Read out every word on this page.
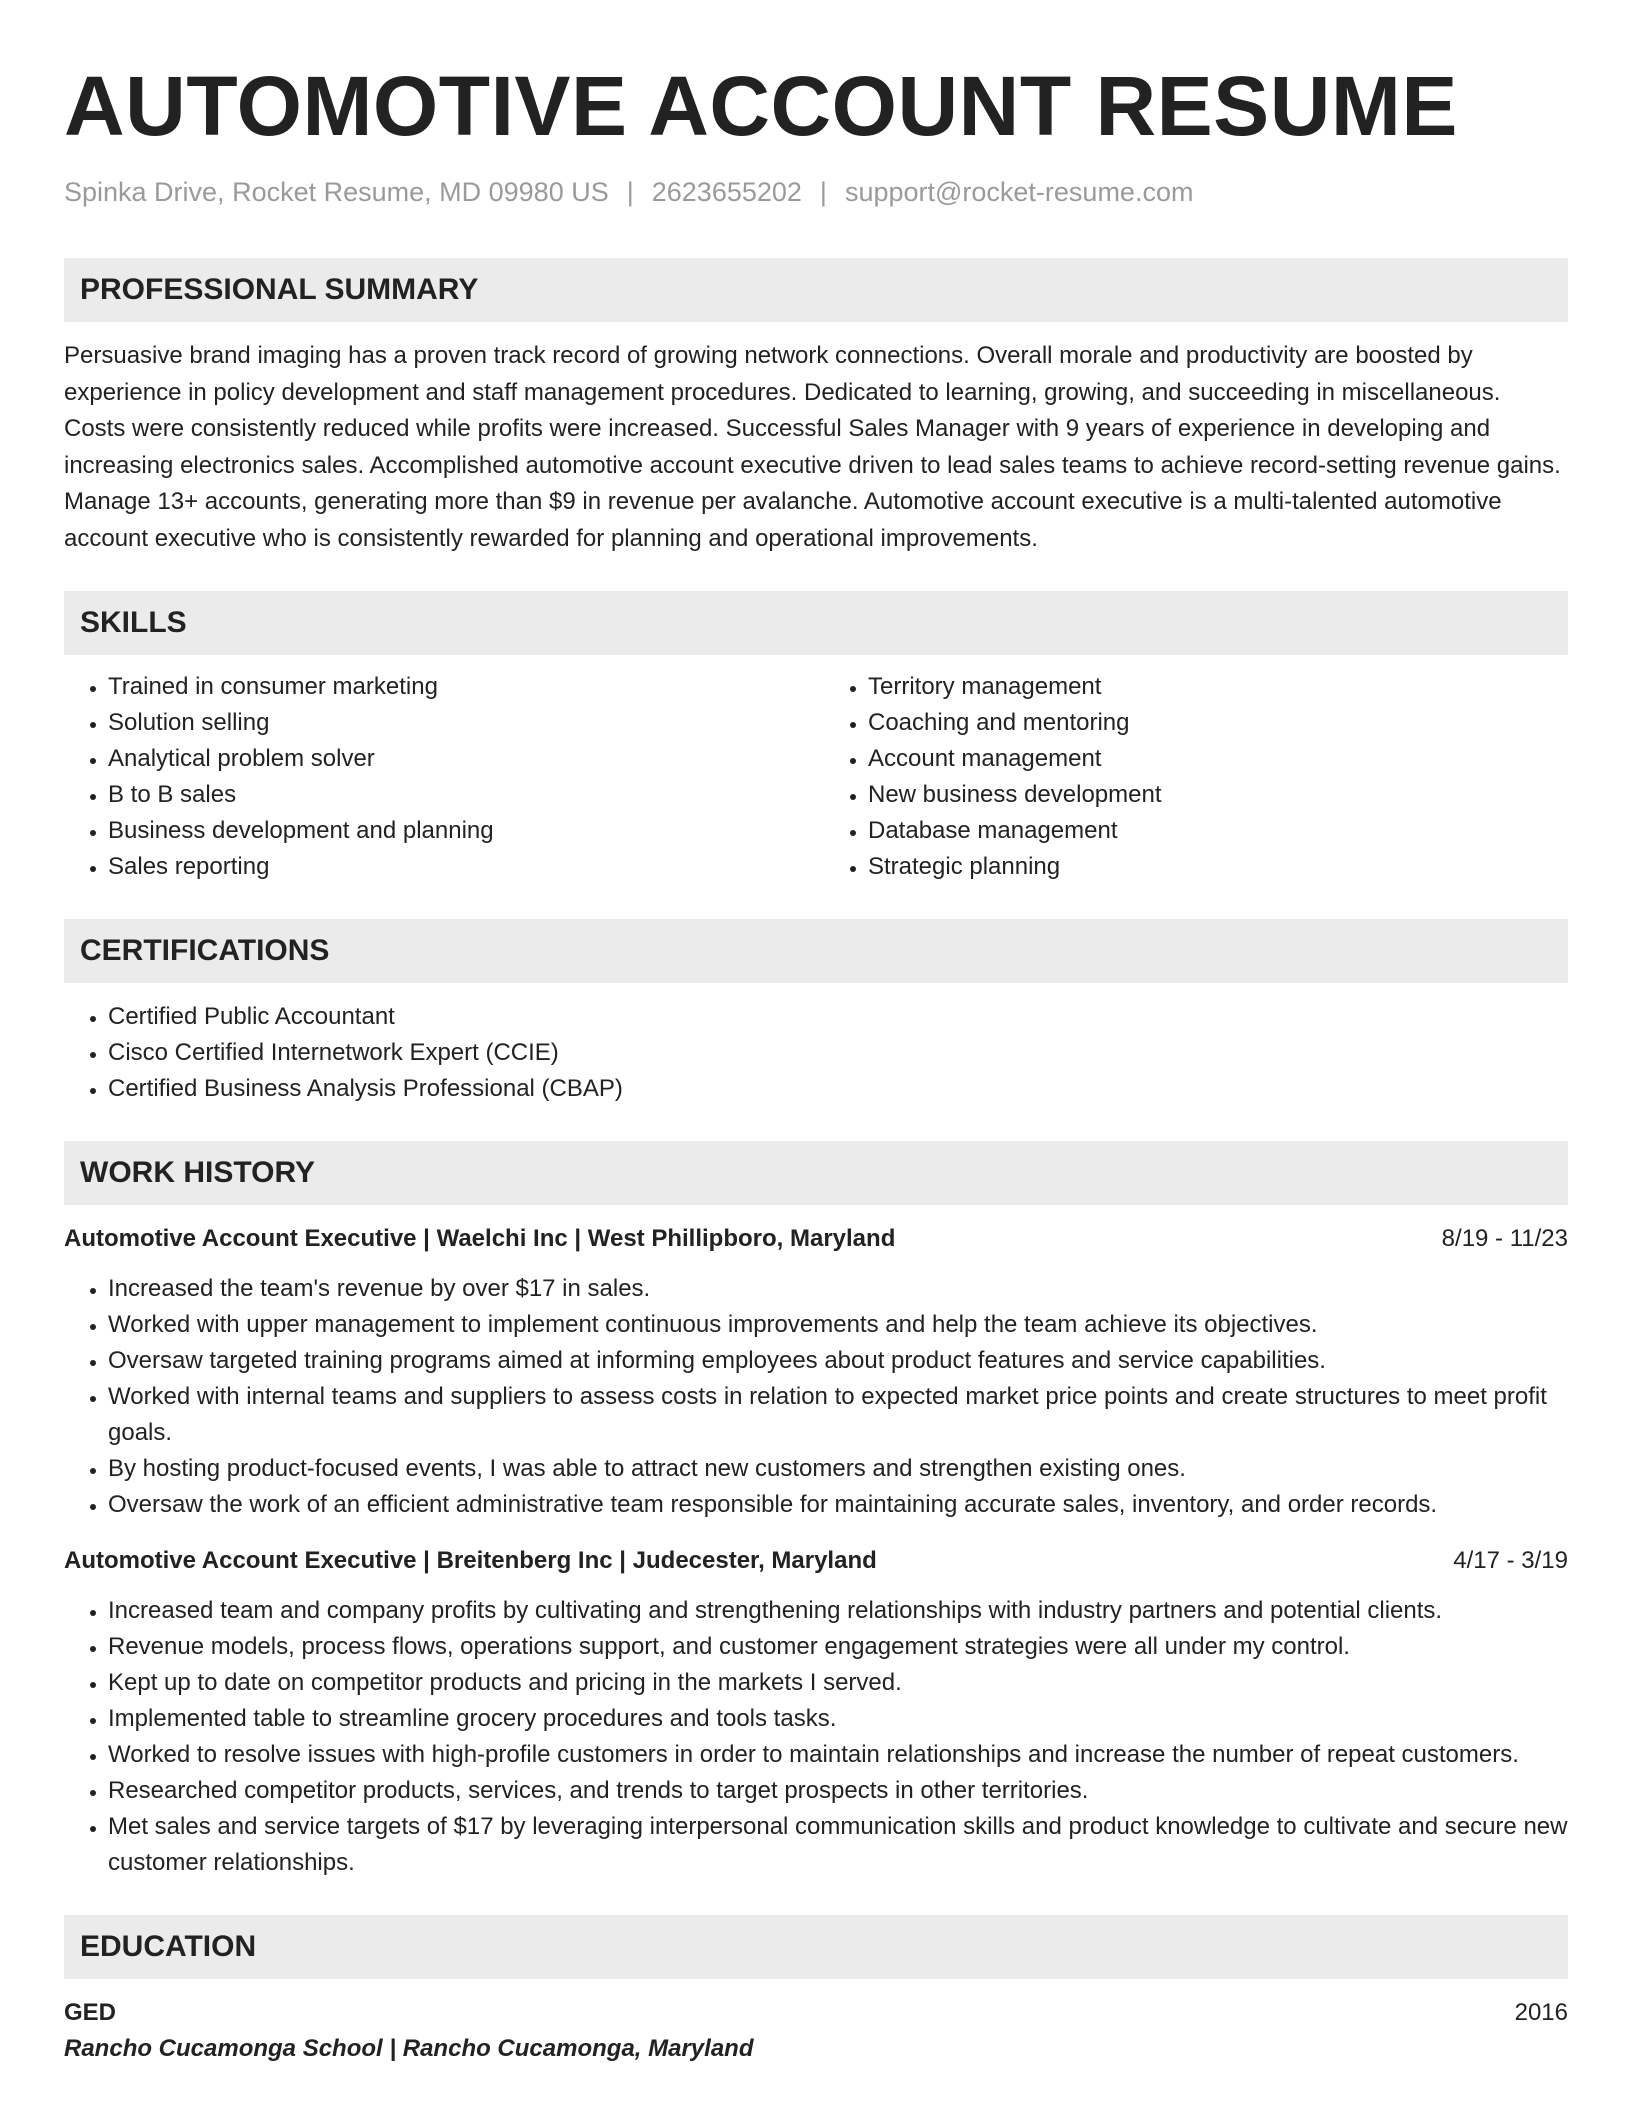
AUTOMOTIVE ACCOUNT RESUME
Spinka Drive, Rocket Resume, MD 09980 US | 2623655202 | support@rocket-resume.com
PROFESSIONAL SUMMARY

Persuasive brand imaging has a proven track record of growing network connections. Overall morale and productivity are boosted by experience in policy development and staff management procedures. Dedicated to learning, growing, and succeeding in miscellaneous. Costs were consistently reduced while profits were increased. Successful Sales Manager with 9 years of experience in developing and increasing electronics sales. Accomplished automotive account executive driven to lead sales teams to achieve record-setting revenue gains. Manage 13+ accounts, generating more than $9 in revenue per avalanche. Automotive account executive is a multi-talented automotive account executive who is consistently rewarded for planning and operational improvements.

SKILLS
• Trained in consumer marketing
• Solution selling
• Analytical problem solver
• B to B sales
• Business development and planning
• Sales reporting
• Territory management
• Coaching and mentoring
• Account management
• New business development
• Database management
• Strategic planning
CERTIFICATIONS
• Certified Public Accountant
• Cisco Certified Internetwork Expert (CCIE)
• Certified Business Analysis Professional (CBAP)
WORK HISTORY
Automotive Account Executive | Waelchi Inc | West Phillipboro, Maryland	8/19 - 11/23
• Increased the team's revenue by over $17 in sales.
• Worked with upper management to implement continuous improvements and help the team achieve its objectives.
• Oversaw targeted training programs aimed at informing employees about product features and service capabilities.
• Worked with internal teams and suppliers to assess costs in relation to expected market price points and create structures to meet profit goals.
• By hosting product-focused events, I was able to attract new customers and strengthen existing ones.
• Oversaw the work of an efficient administrative team responsible for maintaining accurate sales, inventory, and order records.
Automotive Account Executive | Breitenberg Inc | Judecester, Maryland	4/17 - 3/19
• Increased team and company profits by cultivating and strengthening relationships with industry partners and potential clients.
• Revenue models, process flows, operations support, and customer engagement strategies were all under my control.
• Kept up to date on competitor products and pricing in the markets I served.
• Implemented table to streamline grocery procedures and tools tasks.
• Worked to resolve issues with high-profile customers in order to maintain relationships and increase the number of repeat customers.
• Researched competitor products, services, and trends to target prospects in other territories.
• Met sales and service targets of $17 by leveraging interpersonal communication skills and product knowledge to cultivate and secure new customer relationships.
EDUCATION
GED	2016
Rancho Cucamonga School | Rancho Cucamonga, Maryland
